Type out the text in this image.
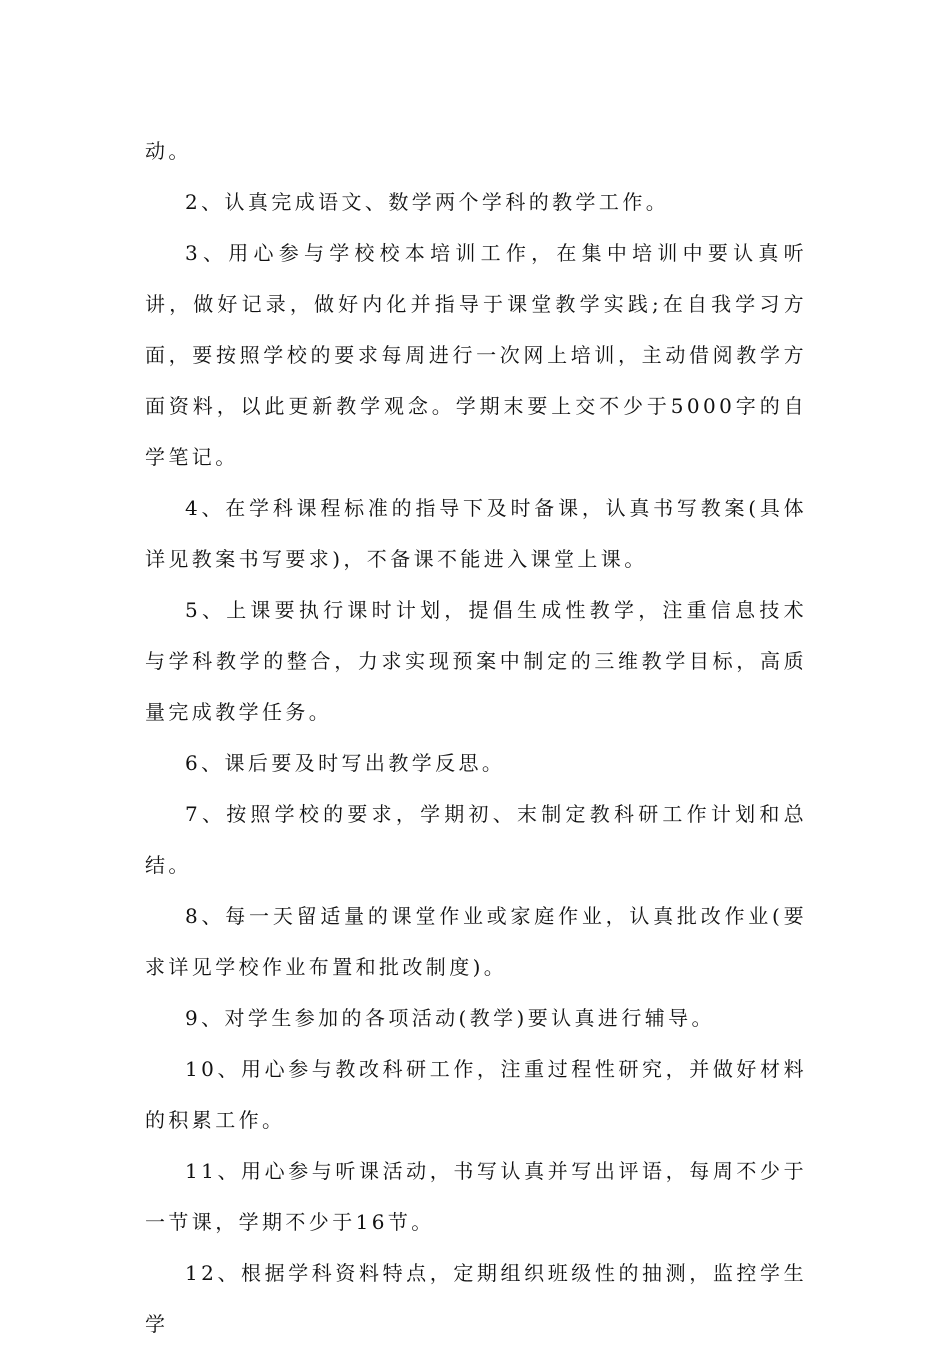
动。

2、认真完成语文、数学两个学科的教学工作。

3、用心参与学校校本培训工作，在集中培训中要认真听讲，做好记录，做好内化并指导于课堂教学实践;在自我学习方面，要按照学校的要求每周进行一次网上培训，主动借阅教学方面资料，以此更新教学观念。学期末要上交不少于5000字的自学笔记。

4、在学科课程标准的指导下及时备课，认真书写教案(具体详见教案书写要求)，不备课不能进入课堂上课。

5、上课要执行课时计划，提倡生成性教学，注重信息技术与学科教学的整合，力求实现预案中制定的三维教学目标，高质量完成教学任务。

6、课后要及时写出教学反思。

7、按照学校的要求，学期初、末制定教科研工作计划和总结。

8、每一天留适量的课堂作业或家庭作业，认真批改作业(要求详见学校作业布置和批改制度)。

9、对学生参加的各项活动(教学)要认真进行辅导。

10、用心参与教改科研工作，注重过程性研究，并做好材料的积累工作。

11、用心参与听课活动，书写认真并写出评语，每周不少于一节课，学期不少于16节。

12、根据学科资料特点，定期组织班级性的抽测，监控学生学
